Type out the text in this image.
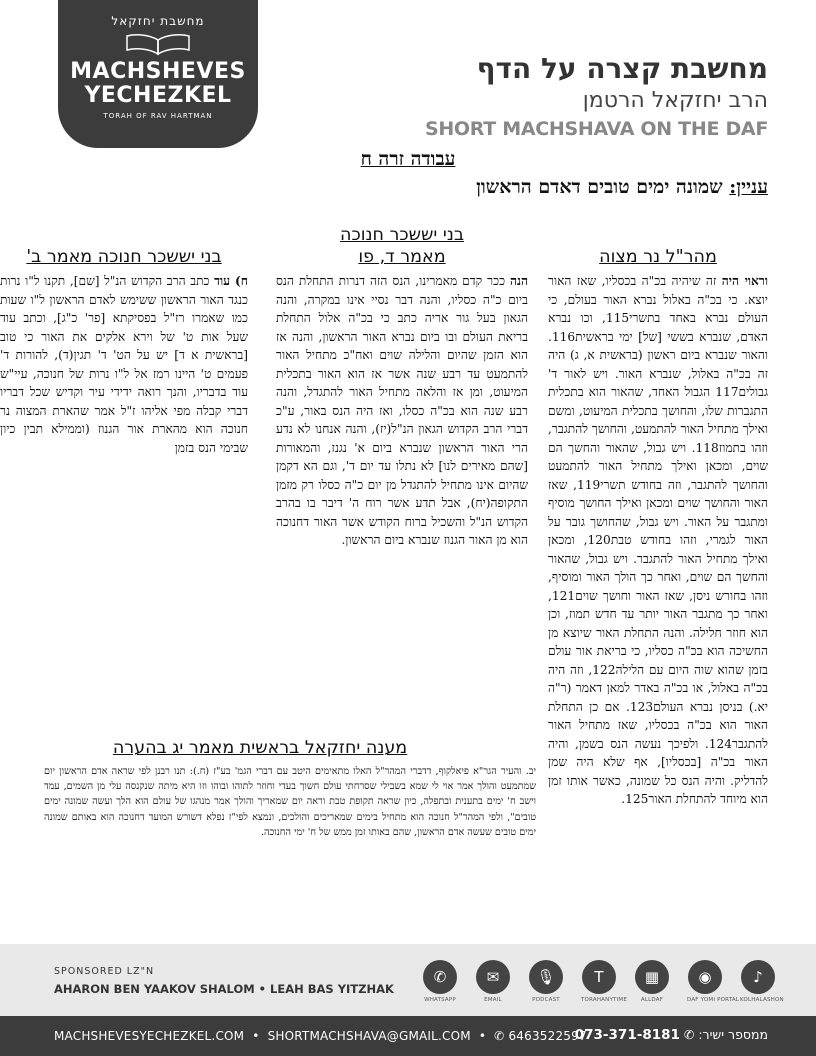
מחשבת יחזקאל
MACHSHEVES
YECHEZKEL
TORAH OF RAV HARTMAN
מחשבת קצרה על הדף
הרב יחזקאל הרטמן
SHORT MACHSHAVA ON THE DAF
עבודה זרה ח
עניין: שמונה ימים טובים דאדם הראשון
מהר"ל נר מצוה
וראוי היה זה שיהיה בכ"ה בכסליו, שאז האור יוצא. כי בכ"ה באלול נברא האור בעולם, כי העולם נברא באחד בתשרי115, וכו נברא האדם, שנברא בששי [של] ימי בראשית116. והאור שנברא ביום ראשון (בראשית א, ג) היה זה בכ"ה באלול, שנברא האור. ויש לאור ד' גבולים117 הגבול האחד, שהאור הוא בתכלית התגברות שלו, והחושך בתכלית המיעוט, ומשם ואילך מתחיל האור להתמעט, והחושך להתגבר, וזהו בתמוז118. ויש גבול, שהאור והחשך הם שוים, ומכאן ואילך מתחיל האור להתמעט והחושך להתגבר, וזה בחודש תשרי119, שאז האור והחושך שוים ומכאן ואילך החושך מוסיף ומתגבר על האור. ויש גבול, שהחושך גובר על האור לגמרי, וזהו בחודש טבת120, ומכאן ואילך מתחיל האור להתגבר. ויש גבול, שהאור והחשך הם שוים, ואחר כך הולך האור ומוסיף, וזהו בחורש ניסן, שאז האור וחושך שוים121, ואחר כך מתגבר האור יותר עד חדש תמוז, וכן הוא חוזר חלילה. והנה התחלת האור שיוצא מן החשיכה הוא בכ"ה כסליו, כי בריאת אור עולם בזמן שהוא שוה היום עם הלילה122, וזה היה בכ"ה באלול, או בכ"ה באדר למאן דאמר (ר"ה יא.) בניסן נברא העולם123. אם כן התחלת האור הוא בכ"ה בכסליו, שאז מתחיל האור להתגבר124. ולפיכך נעשה הנס בשמן, והיה האור בכ"ה [בכסליו], אף שלא היה שמן להדליק. והיה הנס כל שמונה, כאשר אותו זמן הוא מיוחד להתחלת האור125.
בני יששכר חנוכה
מאמר ד, פו
הנה ככר קדם מאמרינו, הנס הזה דנרות התחלת הנס ביום כ"ה כסליו, והנה דבר נסיי אינו במקרה, והנה הגאון בעל גור אריה כתב כי בכ"ה אלול התחלת בריאת העולם ובו ביום נברא האור הראשון, והנה אז הוא הזמן שהיום והלילה שוים ואח"כ מתחיל האור להתמעט עד רבע שנה אשר אז הוא האור בתכלית המיעוט, ומן אז והלאה מתחיל האור להתגדל, והנה רבע שנה הוא בכ"ה כסלו, ואז היה הנס באור, ע"כ דברי הרב הקדוש הגאון הנ"ל(יז), והנה אנחנו לא נדע הרי האור הראשון שנברא ביום א' נגנז, והמאורות [שהם מאירים לנו] לא נתלו עד יום ד', וגם הא דקמן שהיום אינו מתחיל להתגדל מן יום כ"ה כסלו רק מזמן התקופה(יח), אבל תדע אשר רוח ה' דיבר בו בהרב הקדוש הנ"ל והשכיל ברוח הקודש אשר האור דחנוכה הוא מן האור הגנוז שנברא ביום הראשון.
בני יששכר חנוכה מאמר ב'
ח) עוד כתב הרב הקדוש הנ"ל [שם], תקנו ל"ו נרות כנגד האור הראשון ששימש לאדם הראשון ל"ו שעות כמו שאמרו רז"ל בפסיקתא [פר' כ"ג], וכתב עוד שעל אות ט' של וירא אלקים את האור כי טוב [בראשית א ד] יש על הט' ד' תגין(ד), להורות ד' פעמים ט' היינו רמז אל ל"ו נרות של חנוכה, עיי"ש עוד בדבריו, והנך רואה ידידי עיר וקדיש שכל דבריו דברי קבלה מפי אליהו ז"ל אמר שהארת המצוה נר חנוכה הוא מהארת אור הגנוז (וממילא תבין כיון שבימי הנס בזמן
מענה יחזקאל בראשית מאמר יג בהערה
יב. והעיר הגר"א פיאלקוף, דדברי המהר"ל האלו מתאימים היטב עם דברי הגמ' בע"ז (ח.): תנו רבנן לפי שראה אדם הראשון יום שמתמעט והולך אמר אוי לי שמא בשבילי שסרחתי עולם חשוך בעדי וחוזר לתוהו ובוהו וזו היא מיתה שנקנסה עלי מן השמים, עמד וישב ח' ימים בתענית ובתפלה, כיון שראה תקופת טבת וראה יום שמאריך והולך אמר מנהגו של עולם הוא הלך ועשה שמונה ימים טובים", ולפי המהר"ל חנוכה הוא מתחיל בימים שמאריכים והולכים, ונמצא לפי"ז נפלא דשורש המועד דחנוכה הוא באותם שמונה ימים טובים שעשה אדם הראשון, שהם באותו זמן ממש של ח' ימי החנוכה.
SPONSORED LZ"N
AHARON BEN YAAKOV SHALOM • LEAH BAS YITZHAK
✆
WHATSAPP
✉
EMAIL
🎙
PODCAST
T
TORAHANYTIME
▦
ALLDAF
◉
DAF YOMI PORTAL
♪
KOLHALASHON
MACHSHEVESYECHEZKEL.COM  •  SHORTMACHSHAVA@GMAIL.COM  •  ✆ 6463522597	ממספר ישיר: ✆ 073-371-8181
